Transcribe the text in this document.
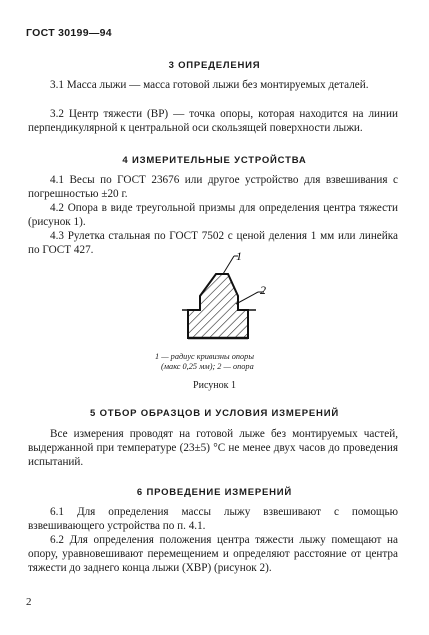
ГОСТ 30199—94
3 ОПРЕДЕЛЕНИЯ

3.1 Масса лыжи — масса готовой лыжи без монтируемых деталей.

3.2 Центр тяжести (ВР) — точка опоры, которая находится на линии перпендикулярной к центральной оси скользящей поверхности лыжи.

4 ИЗМЕРИТЕЛЬНЫЕ УСТРОЙСТВА

4.1 Весы по ГОСТ 23676 или другое устройство для взвешивания с погрешностью ±20 г.

4.2 Опора в виде треугольной призмы для определения центра тяжести (рисунок 1).

4.3 Рулетка стальная по ГОСТ 7502 с ценой деления 1 мм или линейка по ГОСТ 427.	1
2
1 — радиус кривизны опоры
(макс 0,25 мм); 2 — опора
Рисунок 1
5 ОТБОР ОБРАЗЦОВ И УСЛОВИЯ ИЗМЕРЕНИЙ

Все измерения проводят на готовой лыже без монтируемых частей, выдержанной при температуре (23±5) °С не менее двух часов до проведения испытаний.

6 ПРОВЕДЕНИЕ ИЗМЕРЕНИЙ

6.1 Для определения массы лыжу взвешивают с помощью взвешивающего устройства по п. 4.1.

6.2 Для определения положения центра тяжести лыжу помещают на опору, уравновешивают перемещением и определяют расстояние от центра тяжести до заднего конца лыжи (XBP) (рисунок 2).

2
